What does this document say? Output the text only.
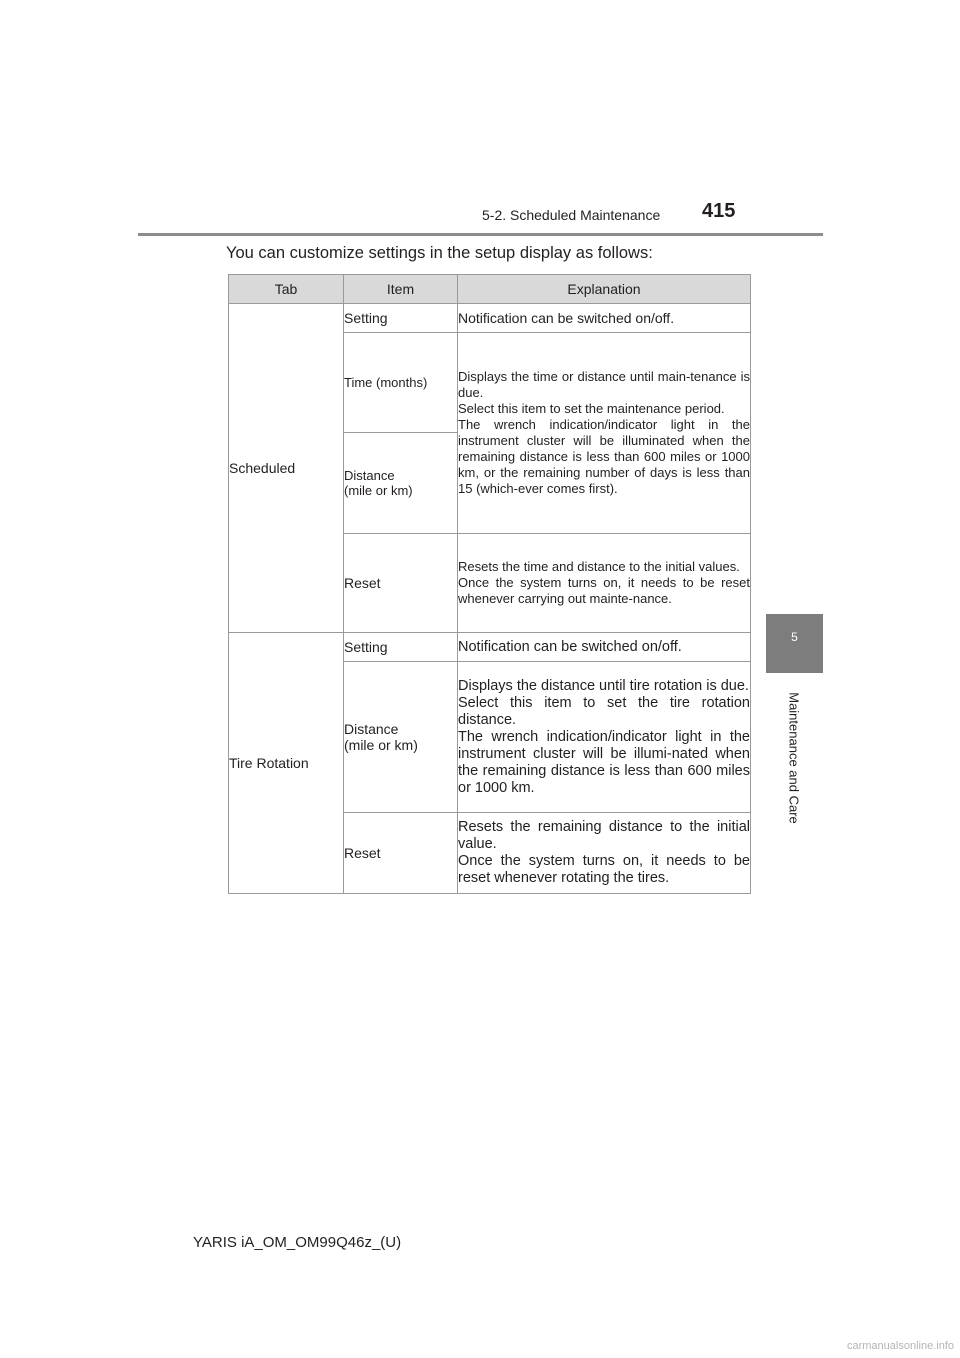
5-2. Scheduled Maintenance 415
5
Maintenance and Care
You can customize settings in the setup display as follows:
Tab	Item	Explanation
Scheduled	Setting	Notification can be switched on/off.
	Time (months)	Displays the time or distance until main-tenance is due.
Select this item to set the maintenance period.
The wrench indication/indicator light in the instrument cluster will be illuminated when the remaining distance is less than 600 miles or 1000 km, or the remaining number of days is less than 15 (which-ever comes first).

	Distance
(mile or km)	

	Reset	Resets the time and distance to the initial values.
Once the system turns on, it needs to be reset whenever carrying out mainte-nance.

Tire Rotation	Setting	Notification can be switched on/off.

	Distance
(mile or km)	Displays the distance until tire rotation is due.
Select this item to set the tire rotation distance.
The wrench indication/indicator light in the instrument cluster will be illumi-nated when the remaining distance is less than 600 miles or 1000 km.

	Reset	Resets the remaining distance to the initial value.
Once the system turns on, it needs to be reset whenever rotating the tires.
YARIS iA_OM_OM99Q46z_(U)
carmanualsonline.info
